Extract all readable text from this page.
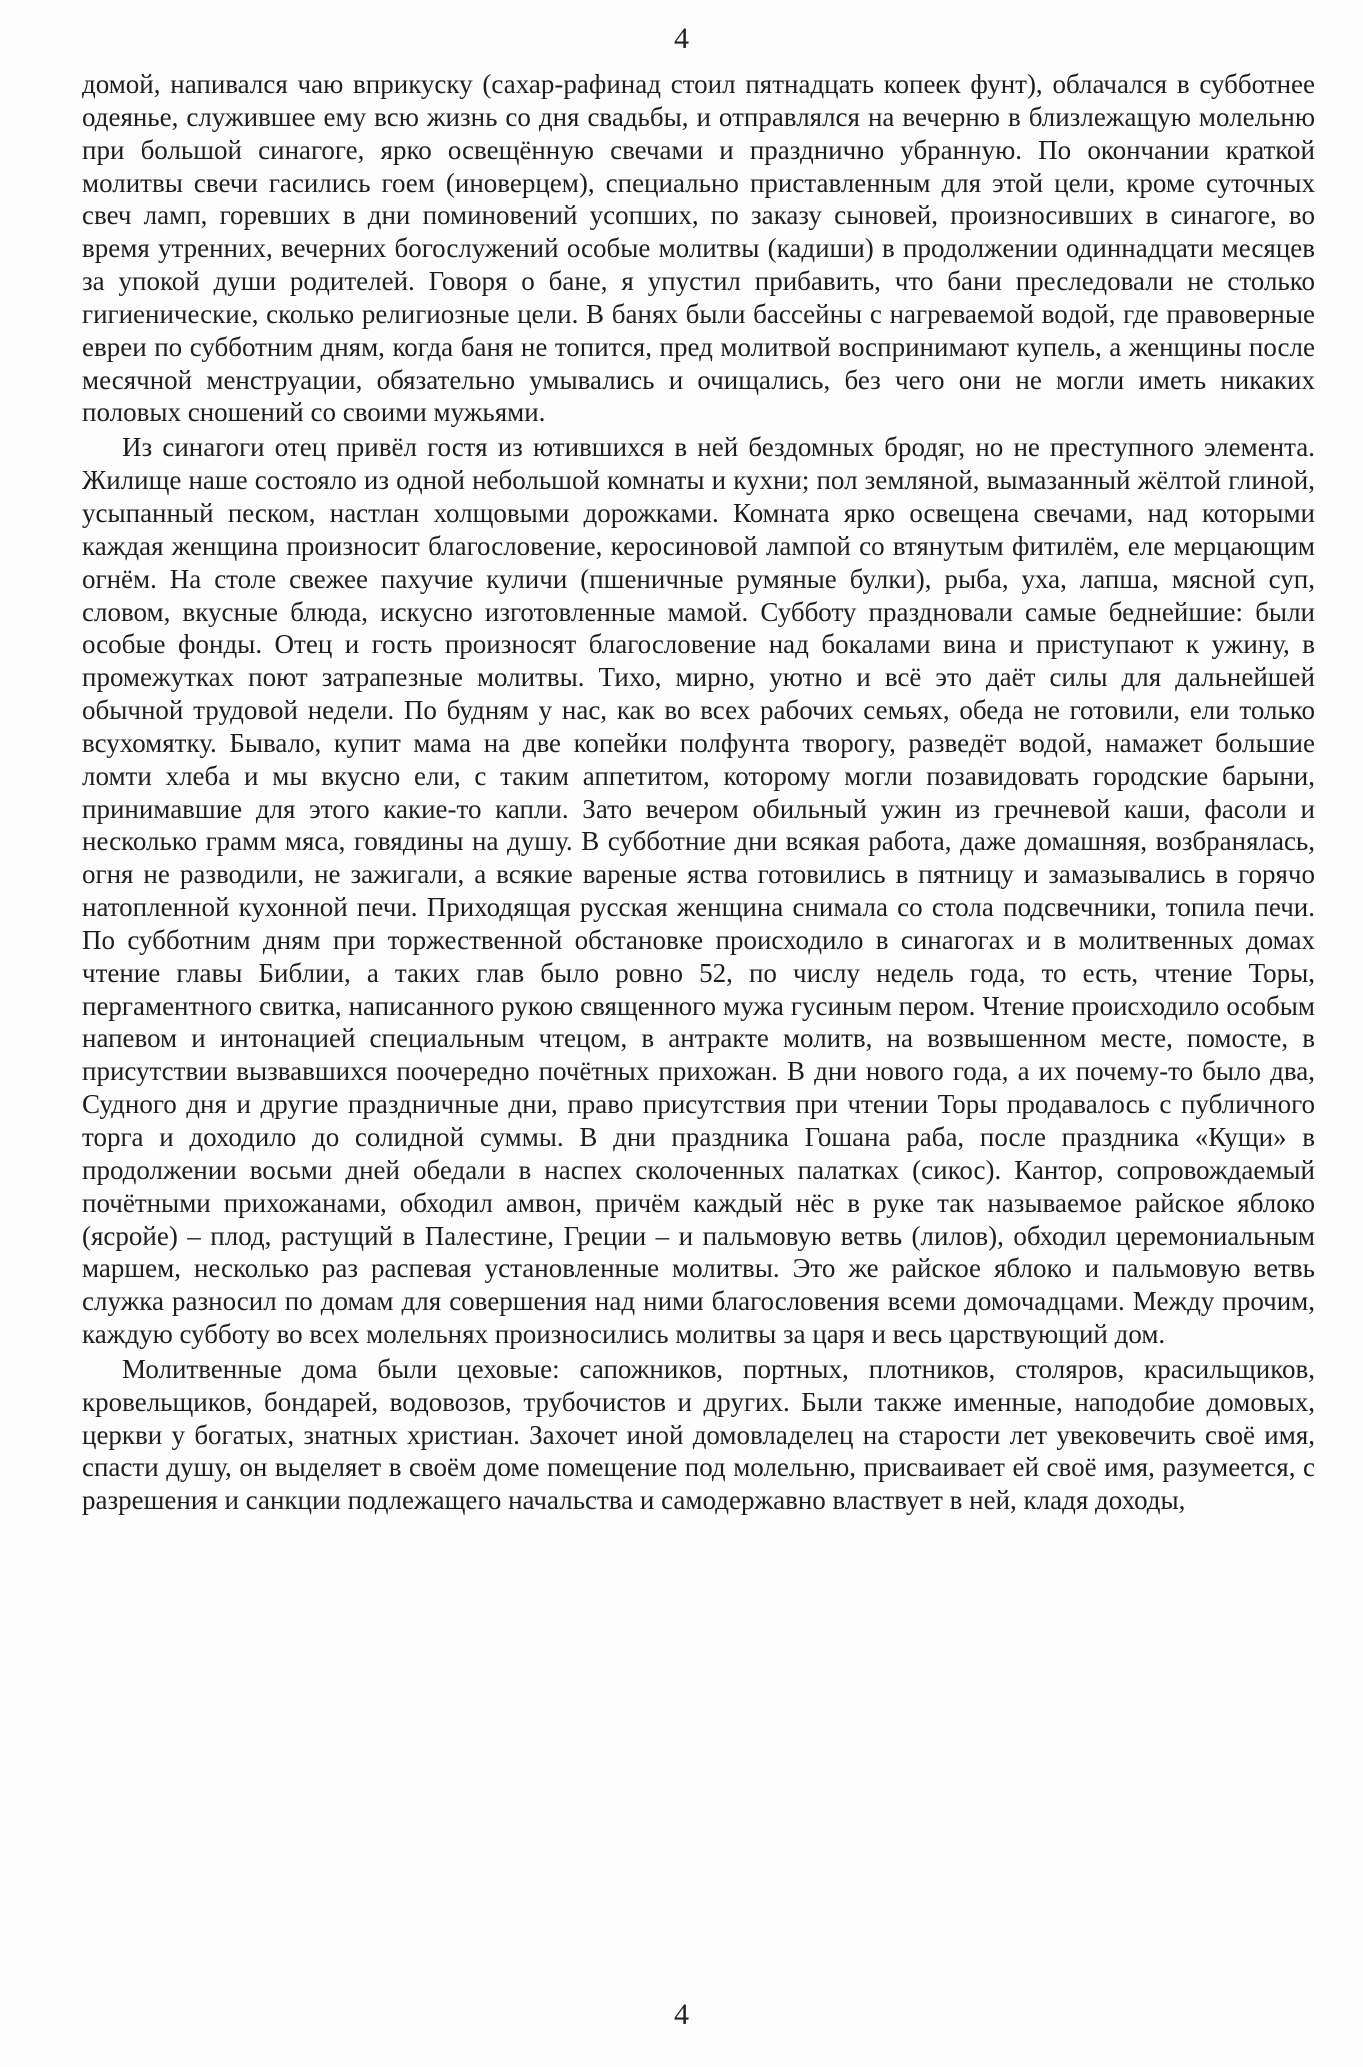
4

домой, напивался чаю вприкуску (сахар-рафинад стоил пятнадцать копеек фунт), облачался в субботнее одеянье, служившее ему всю жизнь со дня свадьбы, и отправлялся на вечерню в близлежащую молельню при большой синагоге, ярко освещённую свечами и празднично убранную. По окончании краткой молитвы свечи гасились гоем (иноверцем), специально приставленным для этой цели, кроме суточных свеч ламп, горевших в дни поминовений усопших, по заказу сыновей, произносивших в синагоге, во время утренних, вечерних богослужений особые молитвы (кадиши) в продолжении одиннадцати месяцев за упокой души родителей. Говоря о бане, я упустил прибавить, что бани преследовали не столько гигиенические, сколько религиозные цели. В банях были бассейны с нагреваемой водой, где правоверные евреи по субботним дням, когда баня не топится, пред молитвой воспринимают купель, а женщины после месячной менструации, обязательно умывались и очищались, без чего они не могли иметь никаких половых сношений со своими мужьями.

Из синагоги отец привёл гостя из ютившихся в ней бездомных бродяг, но не преступного элемента. Жилище наше состояло из одной небольшой комнаты и кухни; пол земляной, вымазанный жёлтой глиной, усыпанный песком, настлан холщовыми дорожками. Комната ярко освещена свечами, над которыми каждая женщина произносит благословение, керосиновой лампой со втянутым фитилём, еле мерцающим огнём. На столе свежее пахучие куличи (пшеничные румяные булки), рыба, уха, лапша, мясной суп, словом, вкусные блюда, искусно изготовленные мамой. Субботу праздновали самые беднейшие: были особые фонды. Отец и гость произносят благословение над бокалами вина и приступают к ужину, в промежутках поют затрапезные молитвы. Тихо, мирно, уютно и всё это даёт силы для дальнейшей обычной трудовой недели. По будням у нас, как во всех рабочих семьях, обеда не готовили, ели только всухомятку. Бывало, купит мама на две копейки полфунта творогу, разведёт водой, намажет большие ломти хлеба и мы вкусно ели, с таким аппетитом, которому могли позавидовать городские барыни, принимавшие для этого какие-то капли. Зато вечером обильный ужин из гречневой каши, фасоли и несколько грамм мяса, говядины на душу. В субботние дни всякая работа, даже домашняя, возбранялась, огня не разводили, не зажигали, а всякие вареные яства готовились в пятницу и замазывались в горячо натопленной кухонной печи. Приходящая русская женщина снимала со стола подсвечники, топила печи. По субботним дням при торжественной обстановке происходило в синагогах и в молитвенных домах чтение главы Библии, а таких глав было ровно 52, по числу недель года, то есть, чтение Торы, пергаментного свитка, написанного рукою священного мужа гусиным пером. Чтение происходило особым напевом и интонацией специальным чтецом, в антракте молитв, на возвышенном месте, помосте, в присутствии вызвавшихся поочередно почётных прихожан. В дни нового года, а их почему-то было два, Судного дня и другие праздничные дни, право присутствия при чтении Торы продавалось с публичного торга и доходило до солидной суммы. В дни праздника Гошана раба, после праздника «Кущи» в продолжении восьми дней обедали в наспех сколоченных палатках (сикос). Кантор, сопровождаемый почётными прихожанами, обходил амвон, причём каждый нёс в руке так называемое райское яблоко (ясройе) – плод, растущий в Палестине, Греции – и пальмовую ветвь (лилов), обходил церемониальным маршем, несколько раз распевая установленные молитвы. Это же райское яблоко и пальмовую ветвь служка разносил по домам для совершения над ними благословения всеми домочадцами. Между прочим, каждую субботу во всех молельнях произносились молитвы за царя и весь царствующий дом.

Молитвенные дома были цеховые: сапожников, портных, плотников, столяров, красильщиков, кровельщиков, бондарей, водовозов, трубочистов и других. Были также именные, наподобие домовых, церкви у богатых, знатных христиан. Захочет иной домовладелец на старости лет увековечить своё имя, спасти душу, он выделяет в своём доме помещение под молельню, присваивает ей своё имя, разумеется, с разрешения и санкции подлежащего начальства и самодержавно властвует в ней, кладя доходы,

4
